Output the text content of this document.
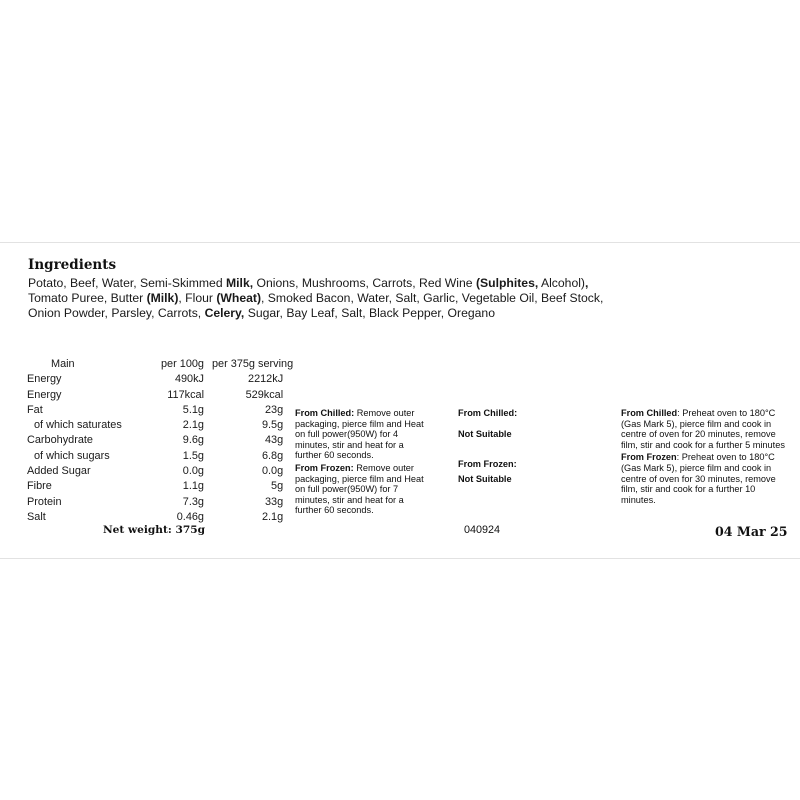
Ingredients
Potato, Beef, Water, Semi-Skimmed Milk, Onions, Mushrooms, Carrots, Red Wine (Sulphites, Alcohol), Tomato Puree, Butter (Milk), Flour (Wheat), Smoked Bacon, Water, Salt, Garlic, Vegetable Oil, Beef Stock, Onion Powder, Parsley, Carrots, Celery, Sugar, Bay Leaf, Salt, Black Pepper, Oregano
Main	per 100g	per 375g serving
Energy	490kJ	2212kJ
Energy	117kcal	529kcal
Fat	5.1g	23g
of which saturates	2.1g	9.5g
Carbohydrate	9.6g	43g
of which sugars	1.5g	6.8g
Added Sugar	0.0g	0.0g
Fibre	1.1g	5g
Protein	7.3g	33g
Salt	0.46g	2.1g
Net weight: 375g

From Chilled: Remove outer packaging, pierce film and Heat on full power(950W) for 4 minutes, stir and heat for a further 60 seconds.

From Frozen: Remove outer packaging, pierce film and Heat on full power(950W) for 7 minutes, stir and heat for a further 60 seconds.

From Chilled:
Not Suitable
From Frozen:
Not Suitable

From Chilled: Preheat oven to 180°C (Gas Mark 5), pierce film and cook in centre of oven for 20 minutes, remove film, stir and cook for a further 5 minutes

From Frozen: Preheat oven to 180°C (Gas Mark 5), pierce film and cook in centre of oven for 30 minutes, remove film, stir and cook for a further 10 minutes.

040924	04 Mar 25
